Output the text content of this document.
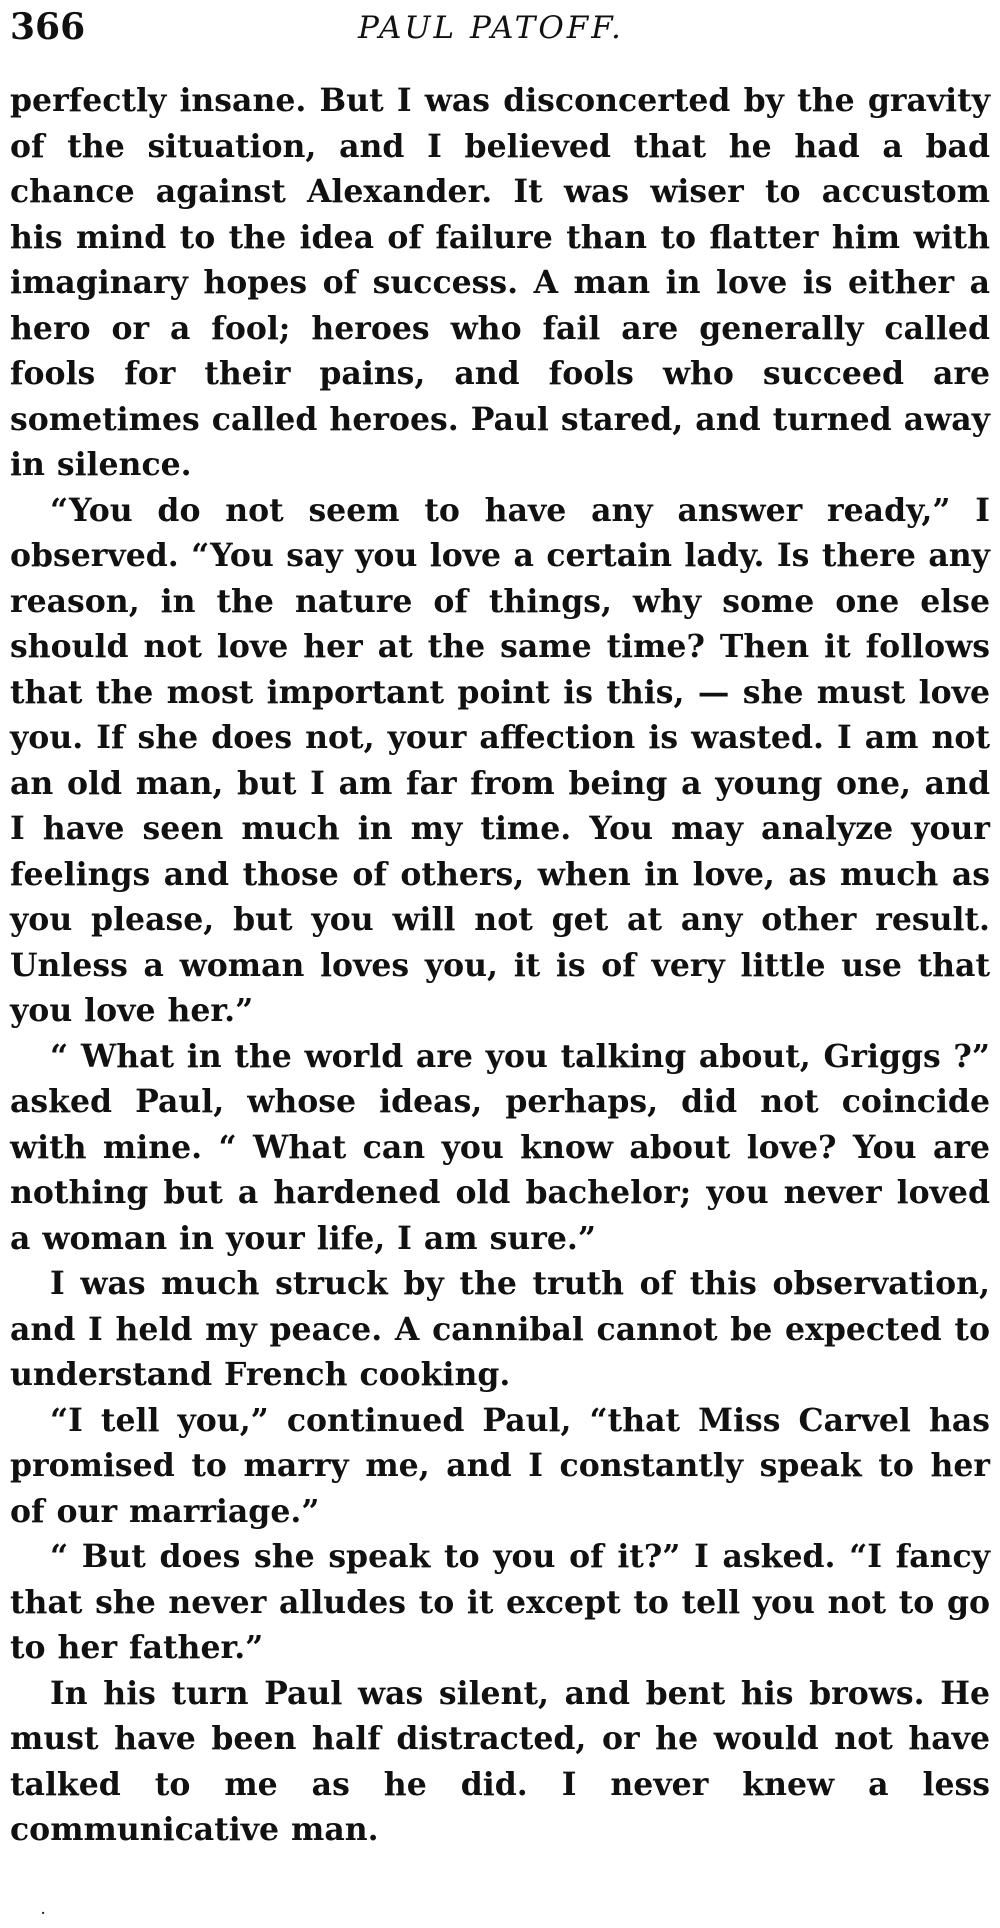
366	PAUL PATOFF.

perfectly insane. But I was disconcerted by the gravity of the situation, and I believed that he had a bad chance against Alexander. It was wiser to accustom his mind to the idea of failure than to flatter him with imaginary hopes of success. A man in love is either a hero or a fool; heroes who fail are generally called fools for their pains, and fools who succeed are sometimes called heroes. Paul stared, and turned away in silence.

“You do not seem to have any answer ready,” I observed. “You say you love a certain lady. Is there any reason, in the nature of things, why some one else should not love her at the same time? Then it follows that the most important point is this, — she must love you. If she does not, your affection is wasted. I am not an old man, but I am far from being a young one, and I have seen much in my time. You may analyze your feelings and those of others, when in love, as much as you please, but you will not get at any other result. Unless a woman loves you, it is of very little use that you love her.”

“ What in the world are you talking about, Griggs ?” asked Paul, whose ideas, perhaps, did not coincide with mine. “ What can you know about love? You are nothing but a hardened old bachelor; you never loved a woman in your life, I am sure.”

I was much struck by the truth of this observation, and I held my peace. A cannibal cannot be expected to understand French cooking.

“I tell you,” continued Paul, “that Miss Carvel has promised to marry me, and I constantly speak to her of our marriage.”

“ But does she speak to you of it?” I asked. “I fancy that she never alludes to it except to tell you not to go to her father.”

In his turn Paul was silent, and bent his brows. He must have been half distracted, or he would not have talked to me as he did. I never knew a less communicative man.

.
